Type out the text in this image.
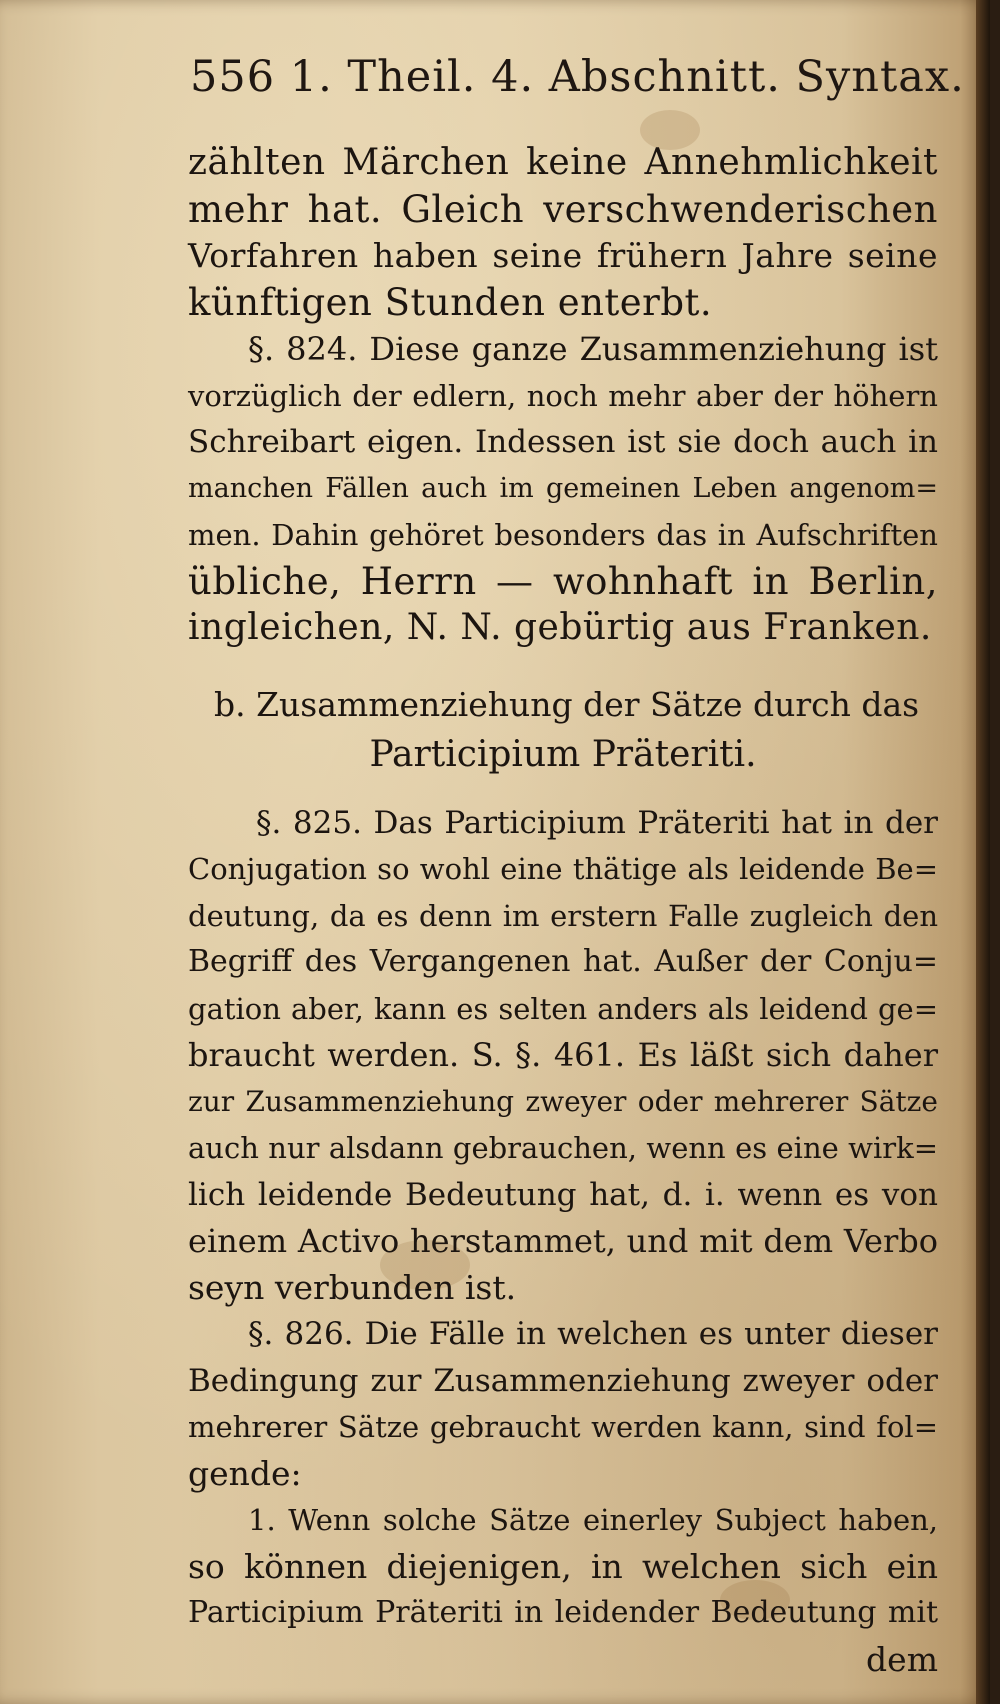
556 1. Theil. 4. Abschnitt. Syntax.
zählten Märchen keine Annehmlichkeit
mehr hat. Gleich verschwenderischen
Vorfahren haben seine frühern Jahre seine
künftigen Stunden enterbt.
§. 824. Diese ganze Zusammenziehung ist
vorzüglich der edlern, noch mehr aber der höhern
Schreibart eigen. Indessen ist sie doch auch in
manchen Fällen auch im gemeinen Leben angenom=
men. Dahin gehöret besonders das in Aufschriften
übliche, Herrn — wohnhaft in Berlin,
ingleichen, N. N. gebürtig aus Franken.
b. Zusammenziehung der Sätze durch das
Participium Präteriti.
§. 825. Das Participium Präteriti hat in der
Conjugation so wohl eine thätige als leidende Be=
deutung, da es denn im erstern Falle zugleich den
Begriff des Vergangenen hat. Außer der Conju=
gation aber, kann es selten anders als leidend ge=
braucht werden. S. §. 461. Es läßt sich daher
zur Zusammenziehung zweyer oder mehrerer Sätze
auch nur alsdann gebrauchen, wenn es eine wirk=
lich leidende Bedeutung hat, d. i. wenn es von
einem Activo herstammet, und mit dem Verbo
seyn verbunden ist.
§. 826. Die Fälle in welchen es unter dieser
Bedingung zur Zusammenziehung zweyer oder
mehrerer Sätze gebraucht werden kann, sind fol=
gende:
1. Wenn solche Sätze einerley Subject haben,
so können diejenigen, in welchen sich ein
Participium Präteriti in leidender Bedeutung mit
dem
